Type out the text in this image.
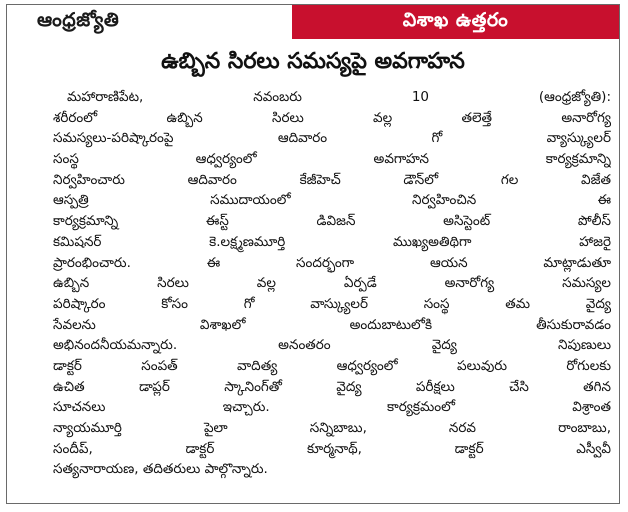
ఆంధ్రజ్యోతి	విశాఖ ఉత్తరం
ఉబ్బిన సిరలు సమస్యపై అవగాహన
మహారాణిపేట, నవంబరు 10 (ఆంధ్రజ్యోతి):
శరీరంలో ఉబ్బిన సిరలు వల్ల తలెత్తే అనారోగ్య
సమస్యలు-పరిష్కారంపై ఆదివారం గో వ్యాస్క్యులర్
సంస్థ ఆధ్వర్యంలో అవగాహన కార్యక్రమాన్ని
నిర్వహించారు ఆదివారం కేజీహెచ్ డౌన్‌లో గల విజేత
ఆస్పత్రి సముదాయంలో నిర్వహించిన ఈ
కార్యక్రమాన్ని ఈస్ట్ డివిజన్ అసిస్టెంట్ పోలీస్
కమిషనర్ కె.లక్ష్మణమూర్తి ముఖ్యఅతిథిగా హాజరై
ప్రారంభించారు. ఈ సందర్భంగా ఆయన మాట్లాడుతూ
ఉబ్బిన సిరలు వల్ల ఏర్పడే అనారోగ్య సమస్యల
పరిష్కారం కోసం గో వాస్క్యులర్ సంస్థ తమ వైద్య
సేవలను విశాఖలో అందుబాటులోకి తీసుకురావడం
అభినందనీయమన్నారు. అనంతరం వైద్య నిపుణులు
డాక్టర్ సంపత్ వాదిత్య ఆధ్వర్యంలో పలువురు రోగులకు
ఉచిత డాప్లర్ స్కానింగ్‌తో వైద్య పరీక్షలు చేసి తగిన
సూచనలు ఇచ్చారు. కార్యక్రమంలో విశ్రాంత
న్యాయమూర్తి పైలా సన్నిబాబు, నరవ రాంబాబు,
సందీప్, డాక్టర్ కూర్మనాథ్, డాక్టర్ ఎస్వీవీ
సత్యనారాయణ, తదితరులు పాల్గొన్నారు.
